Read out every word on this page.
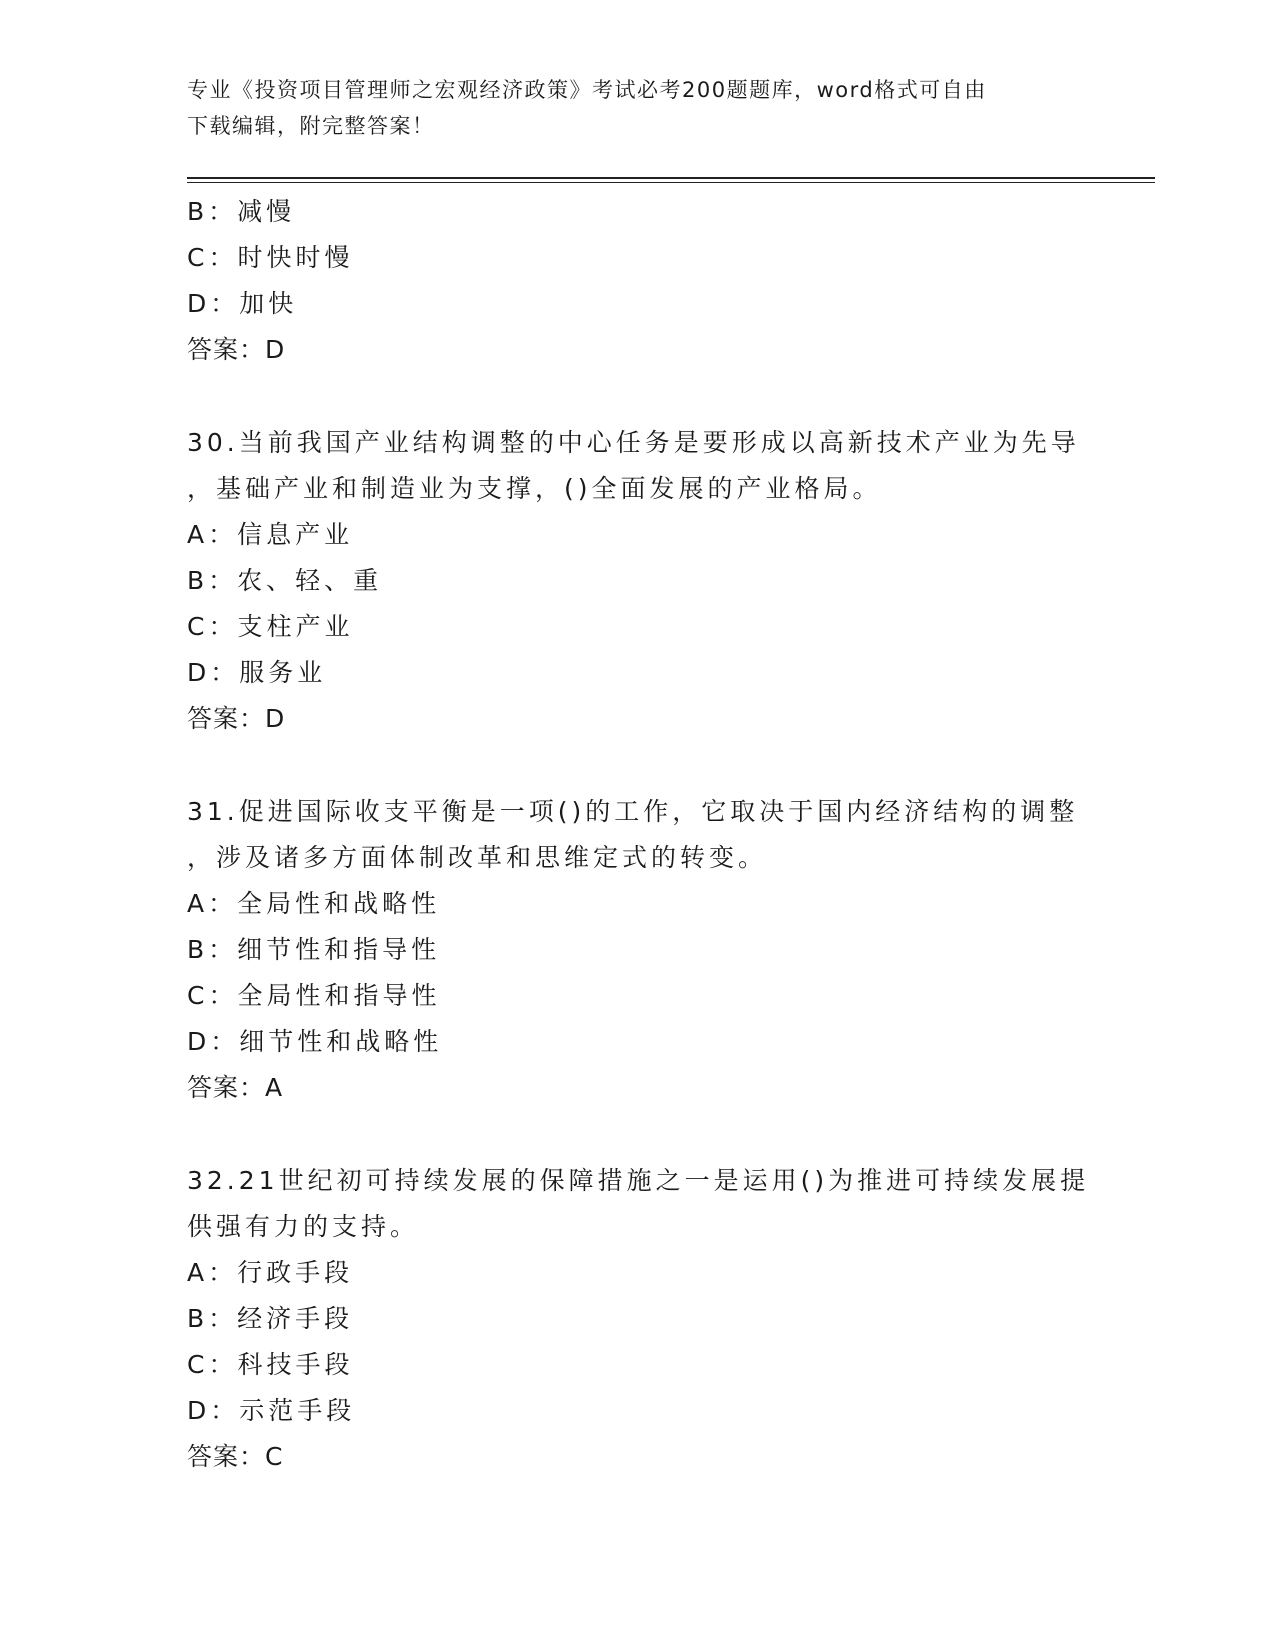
专业《投资项目管理师之宏观经济政策》考试必考200题题库，word格式可自由
下载编辑，附完整答案！
B：减慢
C：时快时慢
D：加快
答案：D
30.当前我国产业结构调整的中心任务是要形成以高新技术产业为先导
，基础产业和制造业为支撑，()全面发展的产业格局。
A：信息产业
B：农、轻、重
C：支柱产业
D：服务业
答案：D
31.促进国际收支平衡是一项()的工作，它取决于国内经济结构的调整
，涉及诸多方面体制改革和思维定式的转变。
A：全局性和战略性
B：细节性和指导性
C：全局性和指导性
D：细节性和战略性
答案：A
32.21世纪初可持续发展的保障措施之一是运用()为推进可持续发展提
供强有力的支持。
A：行政手段
B：经济手段
C：科技手段
D：示范手段
答案：C
